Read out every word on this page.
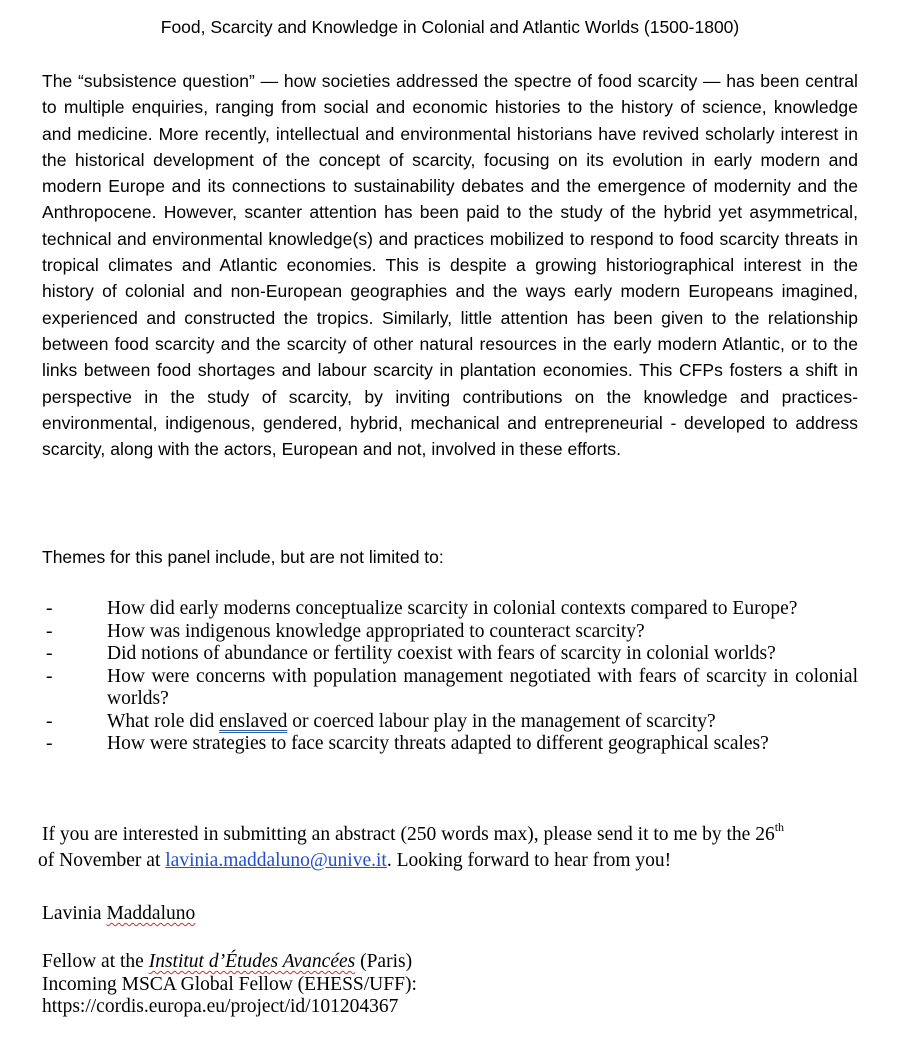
Food, Scarcity and Knowledge in Colonial and Atlantic Worlds (1500-1800)

The “subsistence question” — how societies addressed the spectre of food scarcity — has been central to multiple enquiries, ranging from social and economic histories to the history of science, knowledge and medicine. More recently, intellectual and environmental historians have revived scholarly interest in the historical development of the concept of scarcity, focusing on its evolution in early modern and modern Europe and its connections to sustainability debates and the emergence of modernity and the Anthropocene. However, scanter attention has been paid to the study of the hybrid yet asymmetrical, technical and environmental knowledge(s) and practices mobilized to respond to food scarcity threats in tropical climates and Atlantic economies. This is despite a growing historiographical interest in the history of colonial and non-European geographies and the ways early modern Europeans imagined, experienced and constructed the tropics. Similarly, little attention has been given to the relationship between food scarcity and the scarcity of other natural resources in the early modern Atlantic, or to the links between food shortages and labour scarcity in plantation economies. This CFPs fosters a shift in perspective in the study of scarcity, by inviting contributions on the knowledge and practices- environmental, indigenous, gendered, hybrid, mechanical and entrepreneurial - developed to address scarcity, along with the actors, European and not, involved in these efforts.

Themes for this panel include, but are not limited to:
-	How did early moderns conceptualize scarcity in colonial contexts compared to Europe?
-	How was indigenous knowledge appropriated to counteract scarcity?
-	Did notions of abundance or fertility coexist with fears of scarcity in colonial worlds?
-	How were concerns with population management negotiated with fears of scarcity in colonial worlds?
-	What role did enslaved or coerced labour play in the management of scarcity?
-	How were strategies to face scarcity threats adapted to different geographical scales?
If you are interested in submitting an abstract (250 words max), please send it to me by the 26th
of November at lavinia.maddaluno@unive.it. Looking forward to hear from you!
Lavinia Maddaluno
Fellow at the Institut d’Études Avancées (Paris)
Incoming MSCA Global Fellow (EHESS/UFF):
https://cordis.europa.eu/project/id/101204367
